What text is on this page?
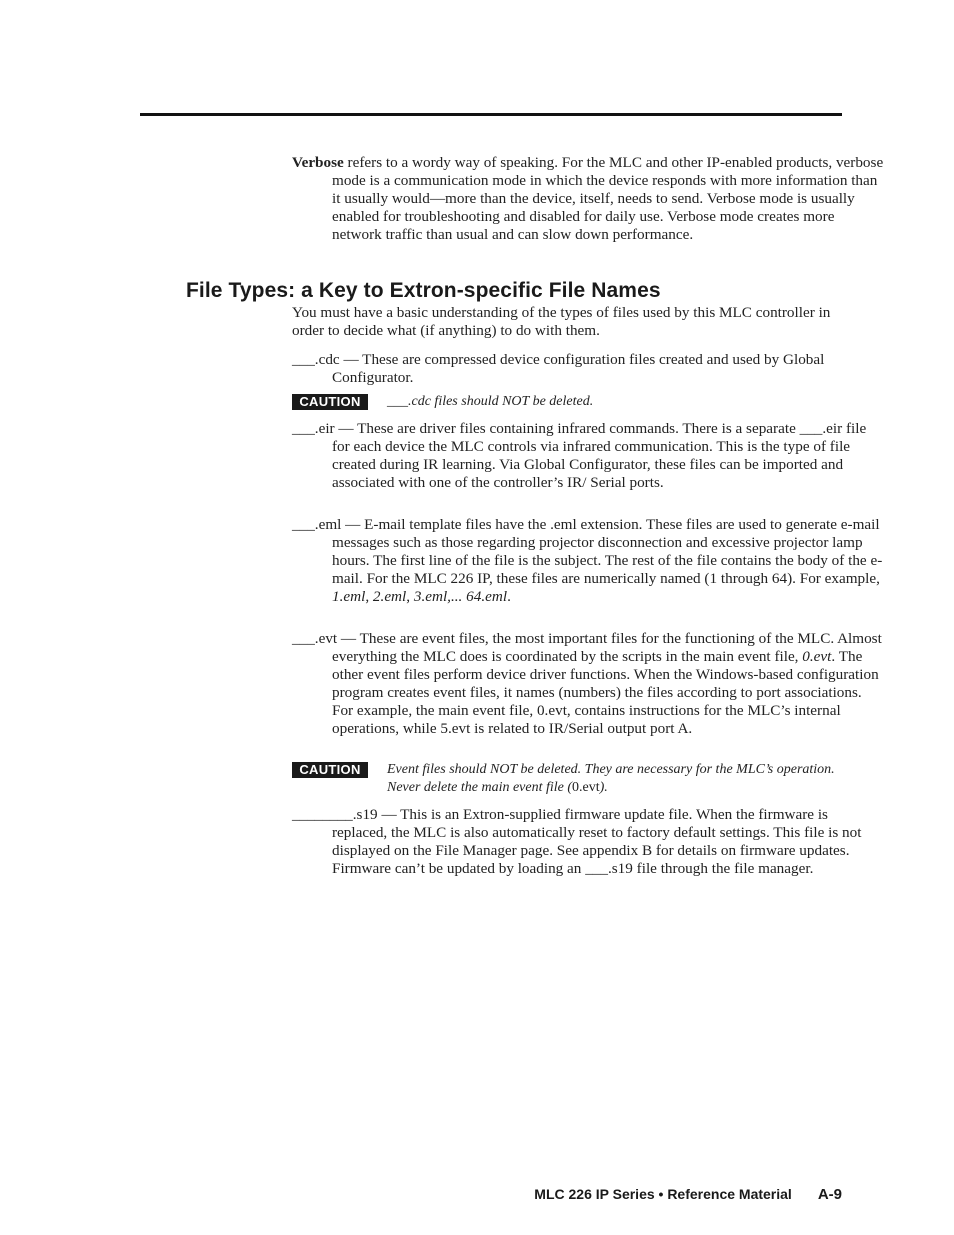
Verbose refers to a wordy way of speaking. For the MLC and other IP-enabled products, verbose mode is a communication mode in which the device responds with more information than it usually would—more than the device, itself, needs to send. Verbose mode is usually enabled for troubleshooting and disabled for daily use. Verbose mode creates more network traffic than usual and can slow down performance.

File Types: a Key to Extron-specific File Names

You must have a basic understanding of the types of files used by this MLC controller in order to decide what (if anything) to do with them.

___.cdc — These are compressed device configuration files created and used by Global Configurator.

CAUTION	___.cdc files should NOT be deleted.

___.eir — These are driver files containing infrared commands. There is a separate ___.eir file for each device the MLC controls via infrared communication. This is the type of file created during IR learning. Via Global Configurator, these files can be imported and associated with one of the controller’s IR/ Serial ports.

___.eml — E-mail template files have the .eml extension. These files are used to generate e-mail messages such as those regarding projector disconnection and excessive projector lamp hours. The first line of the file is the subject. The rest of the file contains the body of the e-mail. For the MLC 226 IP, these files are numerically named (1 through 64). For example, 1.eml, 2.eml, 3.eml,... 64.eml.

___.evt — These are event files, the most important files for the functioning of the MLC. Almost everything the MLC does is coordinated by the scripts in the main event file, 0.evt. The other event files perform device driver functions. When the Windows-based configuration program creates event files, it names (numbers) the files according to port associations. For example, the main event file, 0.evt, contains instructions for the MLC’s internal operations, while 5.evt is related to IR/Serial output port A.

CAUTION	Event files should NOT be deleted. They are necessary for the MLC’s operation. Never delete the main event file (0.evt).

________.s19 — This is an Extron-supplied firmware update file. When the firmware is replaced, the MLC is also automatically reset to factory default settings. This file is not displayed on the File Manager page. See appendix B for details on firmware updates. Firmware can’t be updated by loading an ___.s19 file through the file manager.

MLC 226 IP Series • Reference Material A-9
